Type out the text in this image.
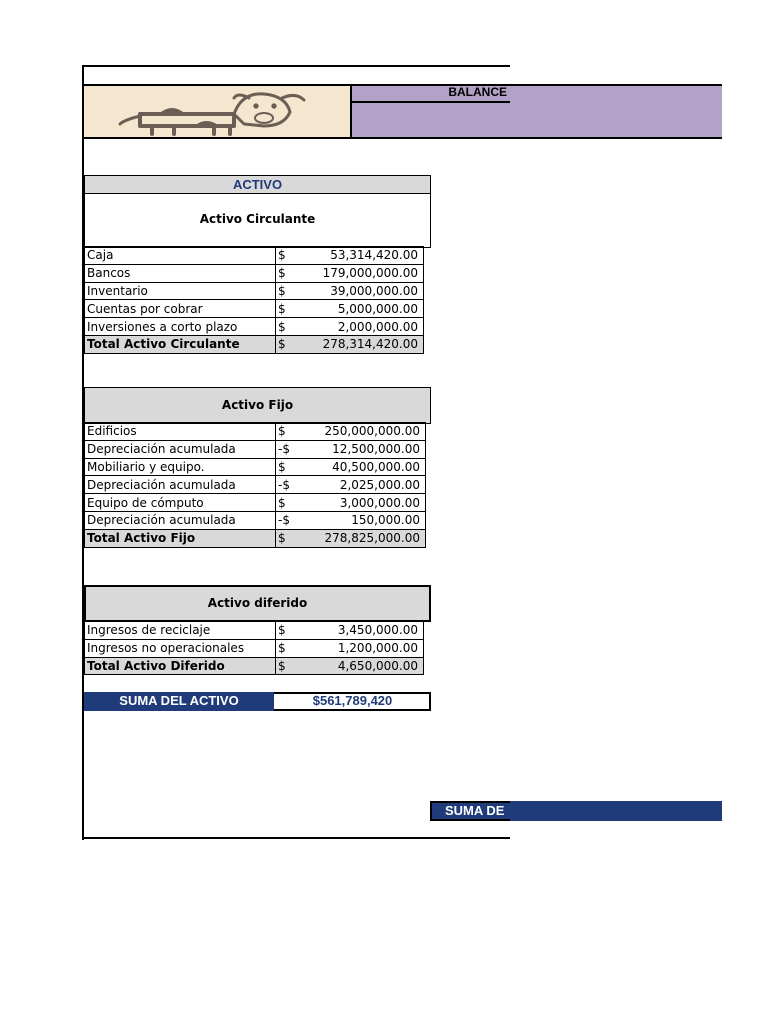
BALANCE
ACTIVO
Activo Circulante
Caja	$	53,314,420.00
Bancos	$	179,000,000.00
Inventario	$	39,000,000.00
Cuentas por cobrar	$	5,000,000.00
Inversiones a corto plazo	$	2,000,000.00
Total Activo Circulante	$	278,314,420.00
Activo Fijo
Edificios	$	250,000,000.00
Depreciación acumulada	-$	12,500,000.00
Mobiliario y equipo.	$	40,500,000.00
Depreciación acumulada	-$	2,025,000.00
Equipo de cómputo	$	3,000,000.00
Depreciación acumulada	-$	150,000.00
Total Activo Fijo	$	278,825,000.00
Activo diferido
Ingresos de reciclaje	$	3,450,000.00
Ingresos no operacionales	$	1,200,000.00
Total Activo Diferido	$	4,650,000.00
SUMA DEL ACTIVO	$561,789,420
SUMA DE
